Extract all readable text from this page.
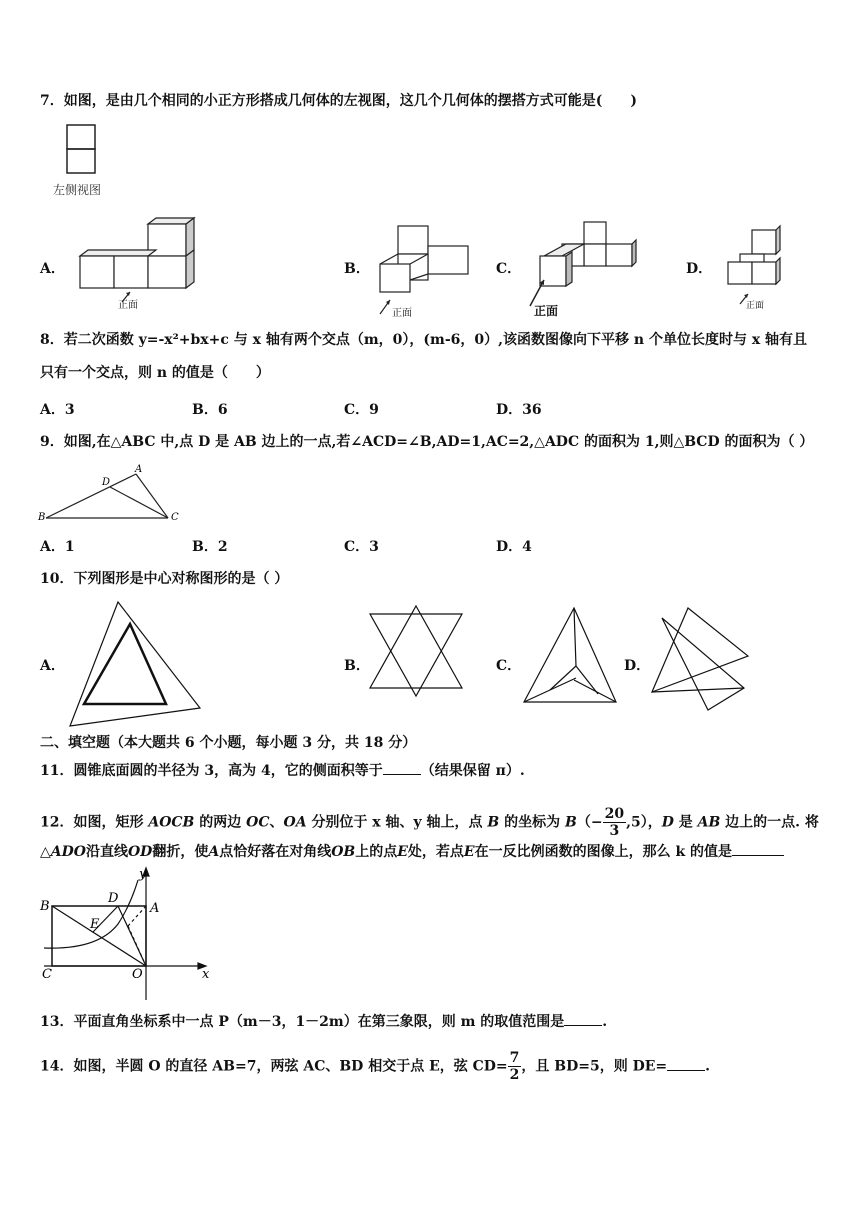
7．如图，是由几个相同的小正方形搭成几何体的左视图，这几个几何体的摆搭方式可能是(　　)
左侧视图
A．
正面
B．
正面
C．
正面
D．
正面
8．若二次函数 y=-x²+bx+c 与 x 轴有两个交点（m，0），(m-6，0）,该函数图像向下平移 n 个单位长度时与 x 轴有且
只有一个交点，则 n 的值是（　　）
A．3	B．6	C．9	D．36
9．如图,在△ABC 中,点 D 是 AB 边上的一点,若∠ACD=∠B,AD=1,AC=2,△ADC 的面积为 1,则△BCD 的面积为（ ）
B
A
D
C
A．1	B．2	C．3	D．4
10．下列图形是中心对称图形的是（ ）
A．	B．	C．	D．
二、填空题（本大题共 6 个小题，每小题 3 分，共 18 分）
11．圆锥底面圆的半径为 3，高为 4，它的侧面积等于	（结果保留 π）.
12．如图，矩形 AOCB 的两边 OC、OA 分别位于 x 轴、y 轴上，点 B 的坐标为 $B(- \frac{20}{3} ,5)$，D 是 AB 边上的一点. 将
△ADO沿直线OD翻折，使A点恰好落在对角线OB上的点E处，若点E在一反比例函数的图像上，那么 k 的值是
y
x
B
D
A
E
C	O
13．平面直角坐标系中一点 P（m－3，1－2m）在第三象限，则 m 的取值范围是	.
14．如图，半圆 O 的直径 AB=7，两弦 AC、BD 相交于点 E，弦 $CD= \frac{7}{2}$ ，且 BD=5，则 DE=	.
